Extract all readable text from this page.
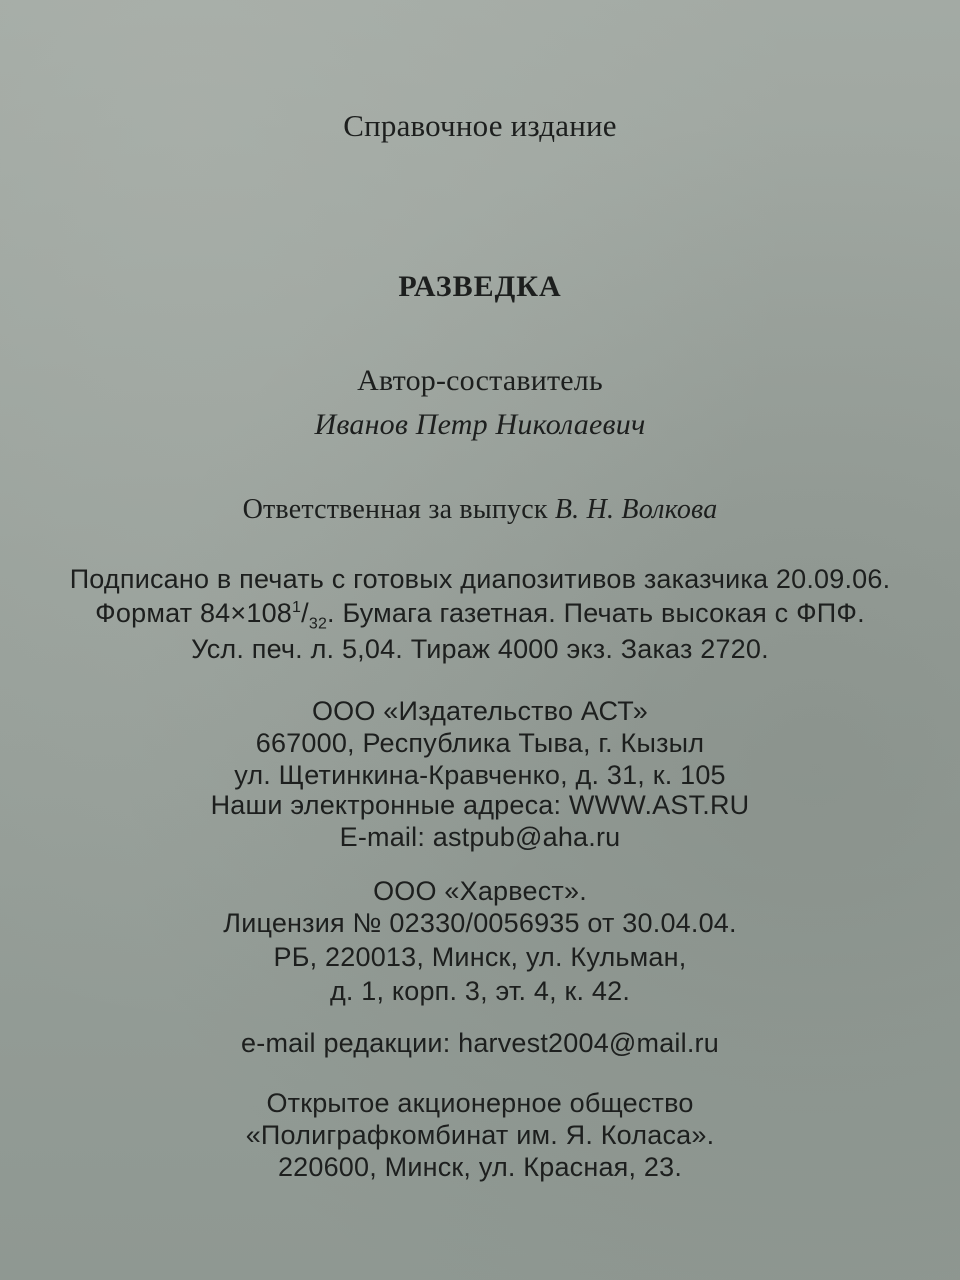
Справочное издание
РАЗВЕДКА
Автор-составитель
Иванов Петр Николаевич
Ответственная за выпуск В. Н. Волкова
Подписано в печать с готовых диапозитивов заказчика 20.09.06.
Формат $84\times 108^1/_{32}$. Бумага газетная. Печать высокая с ФПФ.
Усл. печ. л. 5,04. Тираж 4000 экз. Заказ 2720.
ООО «Издательство АСТ»
667000, Республика Тыва, г. Кызыл
ул. Щетинкина-Кравченко, д. 31, к. 105
Наши электронные адреса: WWW.AST.RU
E-mail: astpub@aha.ru
ООО «Харвест».
Лицензия № 02330/0056935 от 30.04.04.
РБ, 220013, Минск, ул. Кульман,
д. 1, корп. 3, эт. 4, к. 42.
e-mail редакции: harvest2004@mail.ru
Открытое акционерное общество
«Полиграфкомбинат им. Я. Коласа».
220600, Минск, ул. Красная, 23.
